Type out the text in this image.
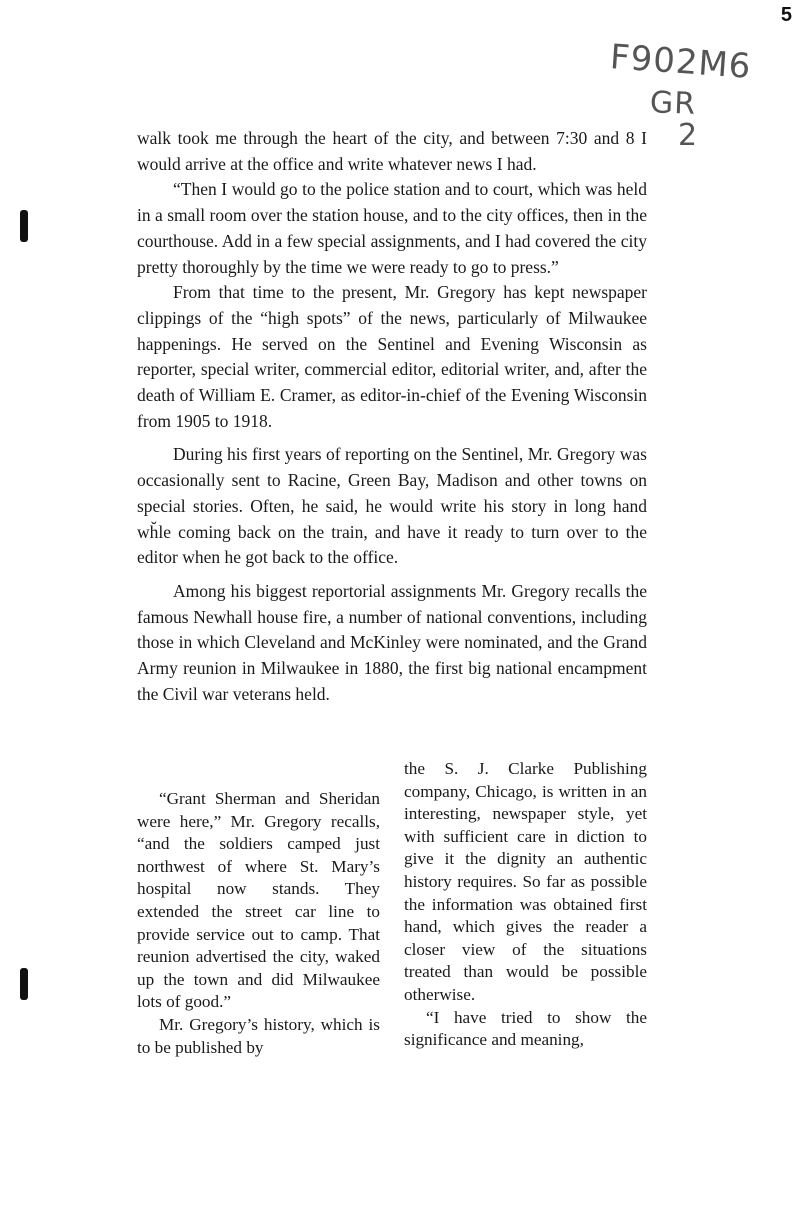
5
F902M6
GR
2

walk took me through the heart of the city, and between 7:30 and 8 I would arrive at the office and write whatever news I had.

“Then I would go to the police station and to court, which was held in a small room over the station house, and to the city offices, then in the courthouse. Add in a few special assignments, and I had covered the city pretty thoroughly by the time we were ready to go to press.”

From that time to the present, Mr. Gregory has kept newspaper clippings of the “high spots” of the news, particularly of Milwaukee happenings. He served on the Sentinel and Evening Wisconsin as reporter, special writer, commercial editor, editorial writer, and, after the death of William E. Cramer, as editor-in-chief of the Evening Wisconsin from 1905 to 1918.

During his first years of reporting on the Sentinel, Mr. Gregory was occasionally sent to Racine, Green Bay, Madison and other towns on special stories. Often, he said, he would write his story in long hand wh̆le coming back on the train, and have it ready to turn over to the editor when he got back to the office.

Among his biggest reportorial assignments Mr. Gregory recalls the famous Newhall house fire, a number of national conventions, including those in which Cleveland and McKinley were nominated, and the Grand Army reunion in Milwaukee in 1880, the first big national encampment the Civil war veterans held.

“Grant Sherman and Sheridan were here,” Mr. Gregory recalls, “and the soldiers camped just northwest of where St. Mary’s hospital now stands. They extended the street car line to provide service out to camp. That reunion advertised the city, waked up the town and did Milwaukee lots of good.”

Mr. Gregory’s history, which is to be published by

the S. J. Clarke Publishing company, Chicago, is written in an interesting, newspaper style, yet with sufficient care in diction to give it the dignity an authentic history requires. So far as possible the information was obtained first hand, which gives the reader a closer view of the situations treated than would be possible otherwise.

“I have tried to show the significance and meaning,
